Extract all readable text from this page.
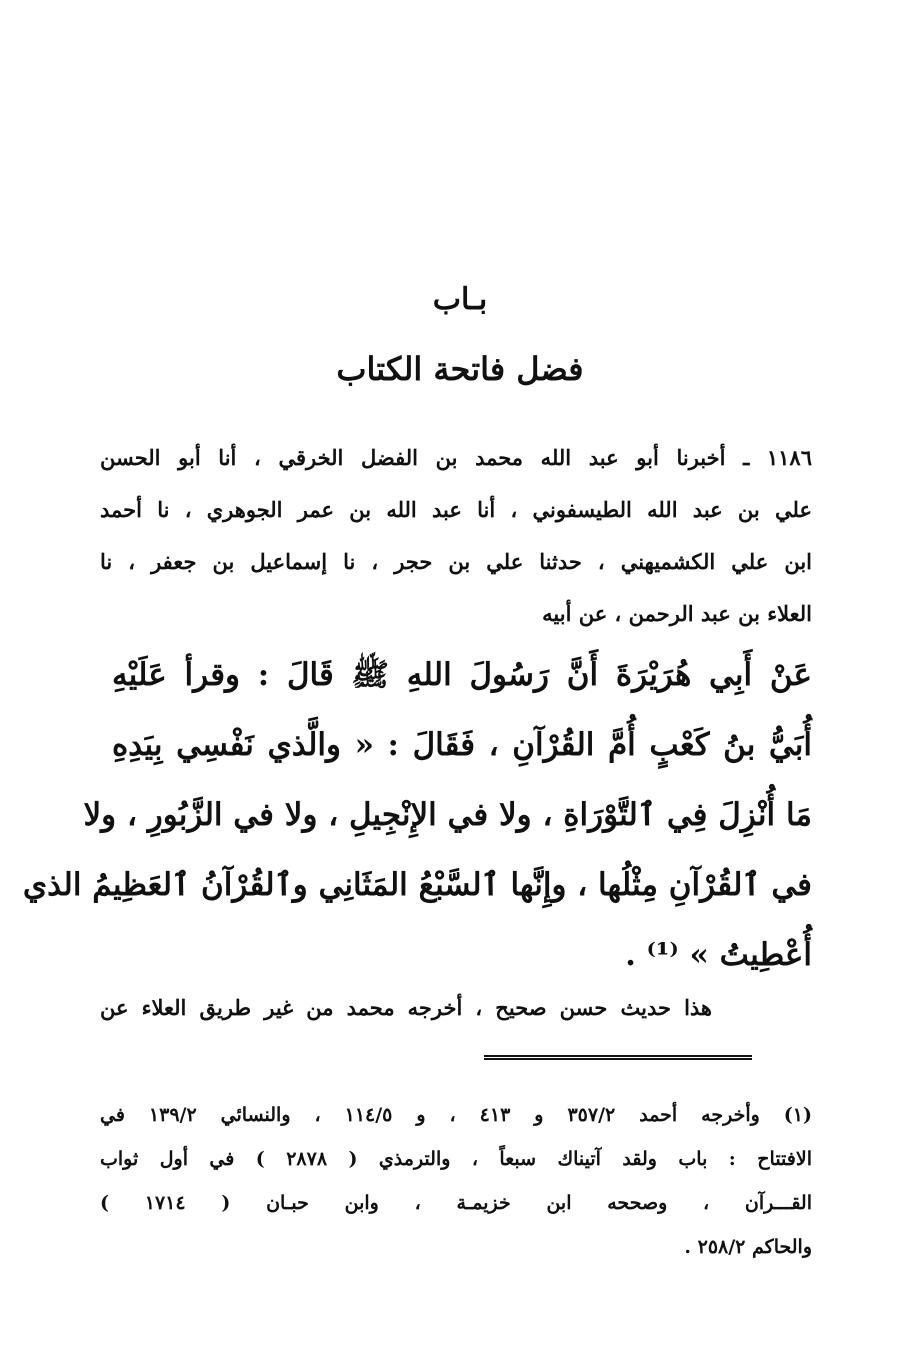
بـاب
فضل فاتحة الكتاب
١١٨٦ ـ أخبرنا أبو عبد الله محمد بن الفضل الخرقي ، أنا أبو الحسن
علي بن عبد الله الطيسفوني ، أنا عبد الله بن عمر الجوهري ، نا أحمد
ابن علي الكشميهني ، حدثنا علي بن حجر ، نا إسماعيل بن جعفر ، نا
العلاء بن عبد الرحمن ، عن أبيه
عَنْ أَبِي هُرَيْرَةَ أَنَّ رَسُولَ اللهِ ﷺ قَالَ : وقرأ عَلَيْهِ
أُبَيُّ بنُ كَعْبٍ أُمَّ القُرْآنِ ، فَقَالَ : « والَّذي نَفْسِي بِيَدِهِ
مَا أُنْزِلَ فِي ٱلتَّوْرَاةِ ، ولا في الإِنْجِيلِ ، ولا في الزَّبُورِ ، ولا
في ٱلقُرْآنِ مِثْلُها ، وإِنَّها ٱلسَّبْعُ المَثَانِي وٱلقُرْآنُ ٱلعَظِيمُ الذي
أُعْطِيتُ » ⁽¹⁾ .
هذا حديث حسن صحيح ، أخرجه محمد من غير طريق العلاء عن
(١) وأخرجه أحمد ٣٥٧/٢ و ٤١٣ ، و ١١٤/٥ ، والنسائي ١٣٩/٢ في
الافتتاح : باب ولقد آتيناك سبعاً ، والترمذي ( ٢٨٧٨ ) في أول ثواب
القـــرآن ، وصححه ابن خزيمـة ، وابن حبـان ( ١٧١٤ )
والحاكم ٢٥٨/٢ .
